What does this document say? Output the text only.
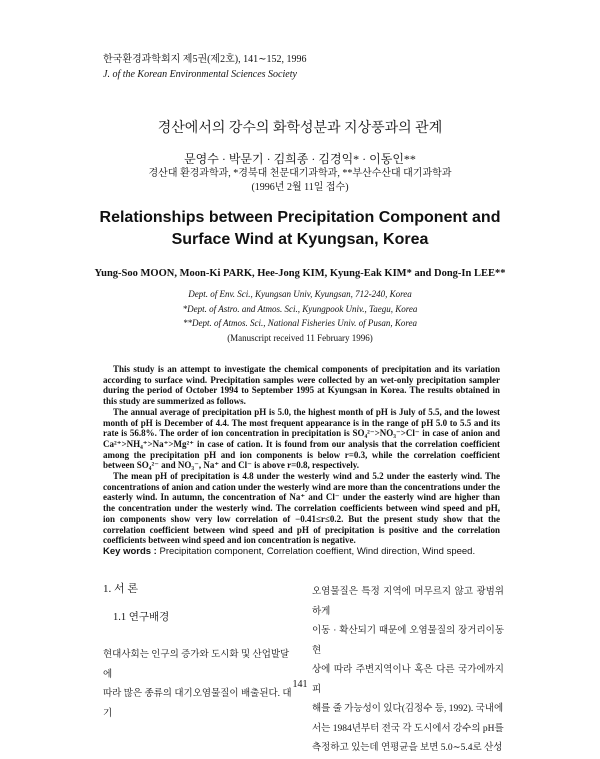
한국환경과학회지 제5권(제2호), 141∼152, 1996
J. of the Korean Environmental Sciences Society
경산에서의 강수의 화학성분과 지상풍과의 관계
문영수 · 박문기 · 김희종 · 김경익* · 이동인**
경산대 환경과학과, *경북대 천문대기과학과, **부산수산대 대기과학과
(1996년 2월 11일 접수)
Relationships between Precipitation Component and
Surface Wind at Kyungsan, Korea
Yung-Soo MOON, Moon-Ki PARK, Hee-Jong KIM, Kyung-Eak KIM* and Dong-In LEE**
Dept. of Env. Sci., Kyungsan Univ, Kyungsan, 712-240, Korea
*Dept. of Astro. and Atmos. Sci., Kyungpook Univ., Taegu, Korea
**Dept. of Atmos. Sci., National Fisheries Univ. of Pusan, Korea
(Manuscript received 11 February 1996)

This study is an attempt to investigate the chemical components of precipitation and its variation according to surface wind. Precipitation samples were collected by an wet-only precipitation sampler during the period of October 1994 to September 1995 at Kyungsan in Korea. The results obtained in this study are summerized as follows.

The annual average of precipitation pH is 5.0, the highest month of pH is July of 5.5, and the lowest month of pH is December of 4.4. The most frequent appearance is in the range of pH 5.0 to 5.5 and its rate is 56.8%. The order of ion concentration in precipitation is SO₄²⁻>NO₃⁻>Cl⁻ in case of anion and Ca²⁺>NH₄⁺>Na⁺>Mg²⁺ in case of cation. It is found from our analysis that the correlation coefficient among the precipitation pH and ion components is below r=0.3, while the correlation coefficient between SO₄²⁻ and NO₃⁻, Na⁺ and Cl⁻ is above r=0.8, respectively.

The mean pH of precipitation is 4.8 under the westerly wind and 5.2 under the easterly wind. The concentrations of anion and cation under the westerly wind are more than the concentrations under the easterly wind. In autumn, the concentration of Na⁺ and Cl⁻ under the easterly wind are higher than the concentration under the westerly wind. The correlation coefficients between wind speed and pH, ion components show very low correlation of −0.41≤r≤0.2. But the present study show that the correlation coefficient between wind speed and pH of precipitation is positive and the correlation coefficients between wind speed and ion concentration is negative.

Key words : Precipitation component, Correlation coeffient, Wind direction, Wind speed.
1. 서 론
1.1 연구배경
현대사회는 인구의 증가와 도시화 및 산업발달에
따라 많은 종류의 대기오염물질이 배출된다. 대기
오염물질은 특정 지역에 머무르지 않고 광범위하게
이동 · 확산되기 때문에 오염물질의 장거리이동현
상에 따라 주변지역이나 혹은 다른 국가에까지 피
해를 줄 가능성이 있다(김정수 등, 1992). 국내에
서는 1984년부터 전국 각 도시에서 강수의 pH를
측정하고 있는데 연평균을 보면 5.0∼5.4로 산성
141
